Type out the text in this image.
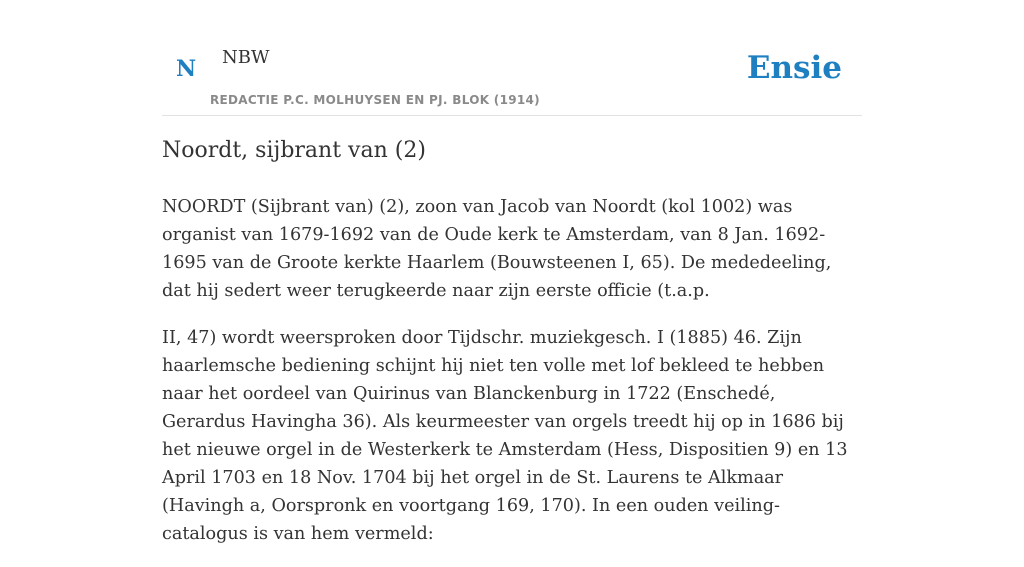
N NBW
REDACTIE P.C. MOLHUYSEN EN PJ. BLOK (1914)
Ensie
Noordt, sijbrant van (2)

NOORDT (Sijbrant van) (2), zoon van Jacob van Noordt (kol 1002) was organist van 1679-1692 van de Oude kerk te Amsterdam, van 8 Jan. 1692-1695 van de Groote kerkte Haarlem (Bouwsteenen I, 65). De mededeeling, dat hij sedert weer terugkeerde naar zijn eerste officie (t.a.p.

II, 47) wordt weersproken door Tijdschr. muziekgesch. I (1885) 46. Zijn haarlemsche bediening schijnt hij niet ten volle met lof bekleed te hebben naar het oordeel van Quirinus van Blanckenburg in 1722 (Enschedé, Gerardus Havingha 36). Als keurmeester van orgels treedt hij op in 1686 bij het nieuwe orgel in de Westerkerk te Amsterdam (Hess, Dispositien 9) en 13 April 1703 en 18 Nov. 1704 bij het orgel in de St. Laurens te Alkmaar (Havingh a, Oorspronk en voortgang 169, 170). In een ouden veiling-catalogus is van hem vermeld:
